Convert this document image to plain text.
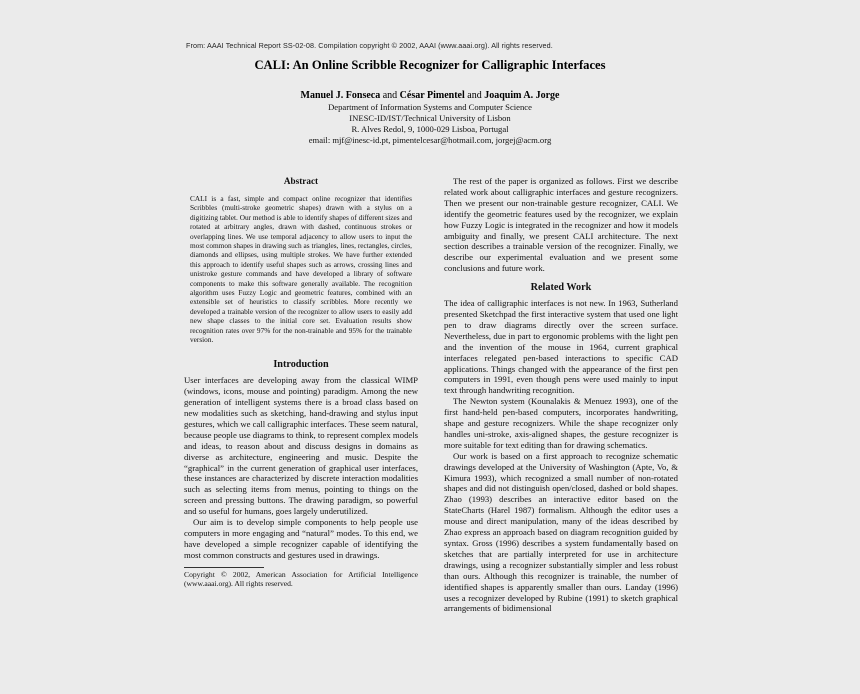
From: AAAI Technical Report SS-02-08. Compilation copyright © 2002, AAAI (www.aaai.org). All rights reserved.
CALI: An Online Scribble Recognizer for Calligraphic Interfaces
Manuel J. Fonseca and César Pimentel and Joaquim A. Jorge
Department of Information Systems and Computer Science
INESC-ID/IST/Technical University of Lisbon
R. Alves Redol, 9, 1000-029 Lisboa, Portugal
email: mjf@inesc-id.pt, pimentelcesar@hotmail.com, jorgej@acm.org
Abstract

CALI is a fast, simple and compact online recognizer that identifies Scribbles (multi-stroke geometric shapes) drawn with a stylus on a digitizing tablet. Our method is able to identify shapes of different sizes and rotated at arbitrary angles, drawn with dashed, continuous strokes or overlapping lines. We use temporal adjacency to allow users to input the most common shapes in drawing such as triangles, lines, rectangles, circles, diamonds and ellipses, using multiple strokes. We have further extended this approach to identify useful shapes such as arrows, crossing lines and unistroke gesture commands and have developed a library of software components to make this software generally available. The recognition algorithm uses Fuzzy Logic and geometric features, combined with an extensible set of heuristics to classify scribbles. More recently we developed a trainable version of the recognizer to allow users to easily add new shape classes to the initial core set. Evaluation results show recognition rates over 97% for the non-trainable and 95% for the trainable version.

Introduction

User interfaces are developing away from the classical WIMP (windows, icons, mouse and pointing) paradigm. Among the new generation of intelligent systems there is a broad class based on new modalities such as sketching, hand-drawing and stylus input gestures, which we call calligraphic interfaces. These seem natural, because people use diagrams to think, to represent complex models and ideas, to reason about and discuss designs in domains as diverse as architecture, engineering and music. Despite the “graphical” in the current generation of graphical user interfaces, these instances are characterized by discrete interaction modalities such as selecting items from menus, pointing to things on the screen and pressing buttons. The drawing paradigm, so powerful and so useful for humans, goes largely underutilized.

Our aim is to develop simple components to help people use computers in more engaging and “natural” modes. To this end, we have developed a simple recognizer capable of identifying the most common constructs and gestures used in drawings.

Copyright © 2002, American Association for Artificial Intelligence (www.aaai.org). All rights reserved.

The rest of the paper is organized as follows. First we describe related work about calligraphic interfaces and gesture recognizers. Then we present our non-trainable gesture recognizer, CALI. We identify the geometric features used by the recognizer, we explain how Fuzzy Logic is integrated in the recognizer and how it models ambiguity and finally, we present CALI architecture. The next section describes a trainable version of the recognizer. Finally, we describe our experimental evaluation and we present some conclusions and future work.

Related Work

The idea of calligraphic interfaces is not new. In 1963, Sutherland presented Sketchpad the first interactive system that used one light pen to draw diagrams directly over the screen surface. Nevertheless, due in part to ergonomic problems with the light pen and the invention of the mouse in 1964, current graphical interfaces relegated pen-based interactions to specific CAD applications. Things changed with the appearance of the first pen computers in 1991, even though pens were used mainly to input text through handwriting recognition.

The Newton system (Kounalakis & Menuez 1993), one of the first hand-held pen-based computers, incorporates handwriting, shape and gesture recognizers. While the shape recognizer only handles uni-stroke, axis-aligned shapes, the gesture recognizer is more suitable for text editing than for drawing schematics.

Our work is based on a first approach to recognize schematic drawings developed at the University of Washington (Apte, Vo, & Kimura 1993), which recognized a small number of non-rotated shapes and did not distinguish open/closed, dashed or bold shapes. Zhao (1993) describes an interactive editor based on the StateCharts (Harel 1987) formalism. Although the editor uses a mouse and direct manipulation, many of the ideas described by Zhao express an approach based on diagram recognition guided by syntax. Gross (1996) describes a system fundamentally based on sketches that are partially interpreted for use in architecture drawings, using a recognizer substantially simpler and less robust than ours. Although this recognizer is trainable, the number of identified shapes is apparently smaller than ours. Landay (1996) uses a recognizer developed by Rubine (1991) to sketch graphical arrangements of bidimensional
